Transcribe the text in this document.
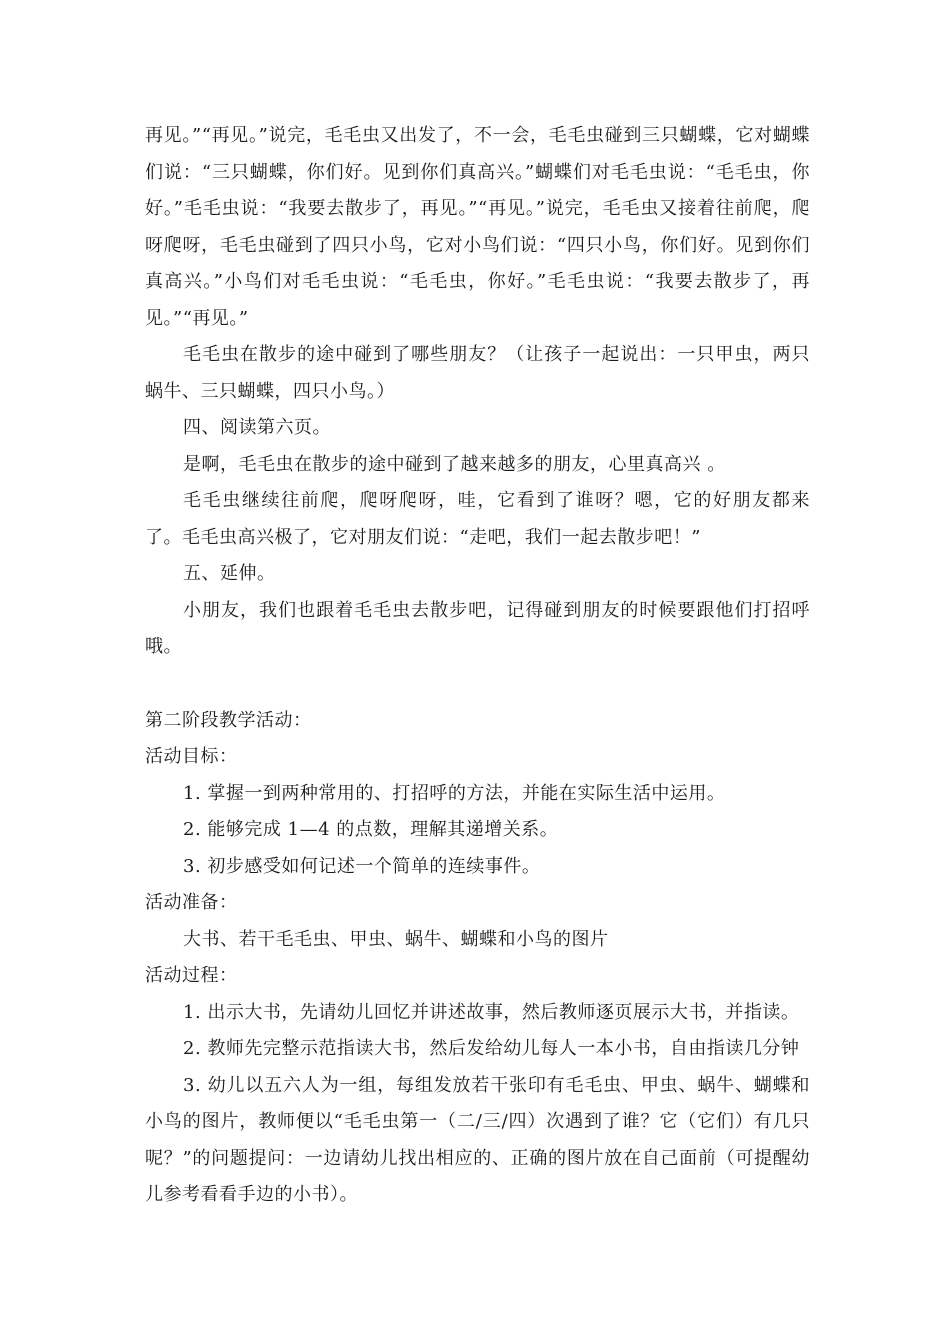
再见。”“再见。”说完，毛毛虫又出发了，不一会，毛毛虫碰到三只蝴蝶，它对蝴蝶们说：“三只蝴蝶，你们好。见到你们真高兴。”蝴蝶们对毛毛虫说：“毛毛虫，你好。”毛毛虫说：“我要去散步了，再见。”“再见。”说完，毛毛虫又接着往前爬，爬呀爬呀，毛毛虫碰到了四只小鸟，它对小鸟们说：“四只小鸟，你们好。见到你们真高兴。”小鸟们对毛毛虫说：“毛毛虫，你好。”毛毛虫说：“我要去散步了，再见。”“再见。”

毛毛虫在散步的途中碰到了哪些朋友？（让孩子一起说出：一只甲虫，两只蜗牛、三只蝴蝶，四只小鸟。）

四、阅读第六页。

是啊，毛毛虫在散步的途中碰到了越来越多的朋友，心里真高兴 。

毛毛虫继续往前爬，爬呀爬呀，哇，它看到了谁呀？嗯，它的好朋友都来了。毛毛虫高兴极了，它对朋友们说：“走吧，我们一起去散步吧！”

五、延伸。

小朋友，我们也跟着毛毛虫去散步吧，记得碰到朋友的时候要跟他们打招呼哦。

第二阶段教学活动：

活动目标：

1. 掌握一到两种常用的、打招呼的方法，并能在实际生活中运用。

2. 能够完成 1—4 的点数，理解其递增关系。

3. 初步感受如何记述一个简单的连续事件。

活动准备：

大书、若干毛毛虫、甲虫、蜗牛、蝴蝶和小鸟的图片

活动过程：

1. 出示大书，先请幼儿回忆并讲述故事，然后教师逐页展示大书，并指读。

2. 教师先完整示范指读大书，然后发给幼儿每人一本小书，自由指读几分钟

3. 幼儿以五六人为一组，每组发放若干张印有毛毛虫、甲虫、蜗牛、蝴蝶和小鸟的图片，教师便以“毛毛虫第一（二/三/四）次遇到了谁？它（它们）有几只呢？”的问题提问：一边请幼儿找出相应的、正确的图片放在自己面前（可提醒幼儿参考看看手边的小书）。
